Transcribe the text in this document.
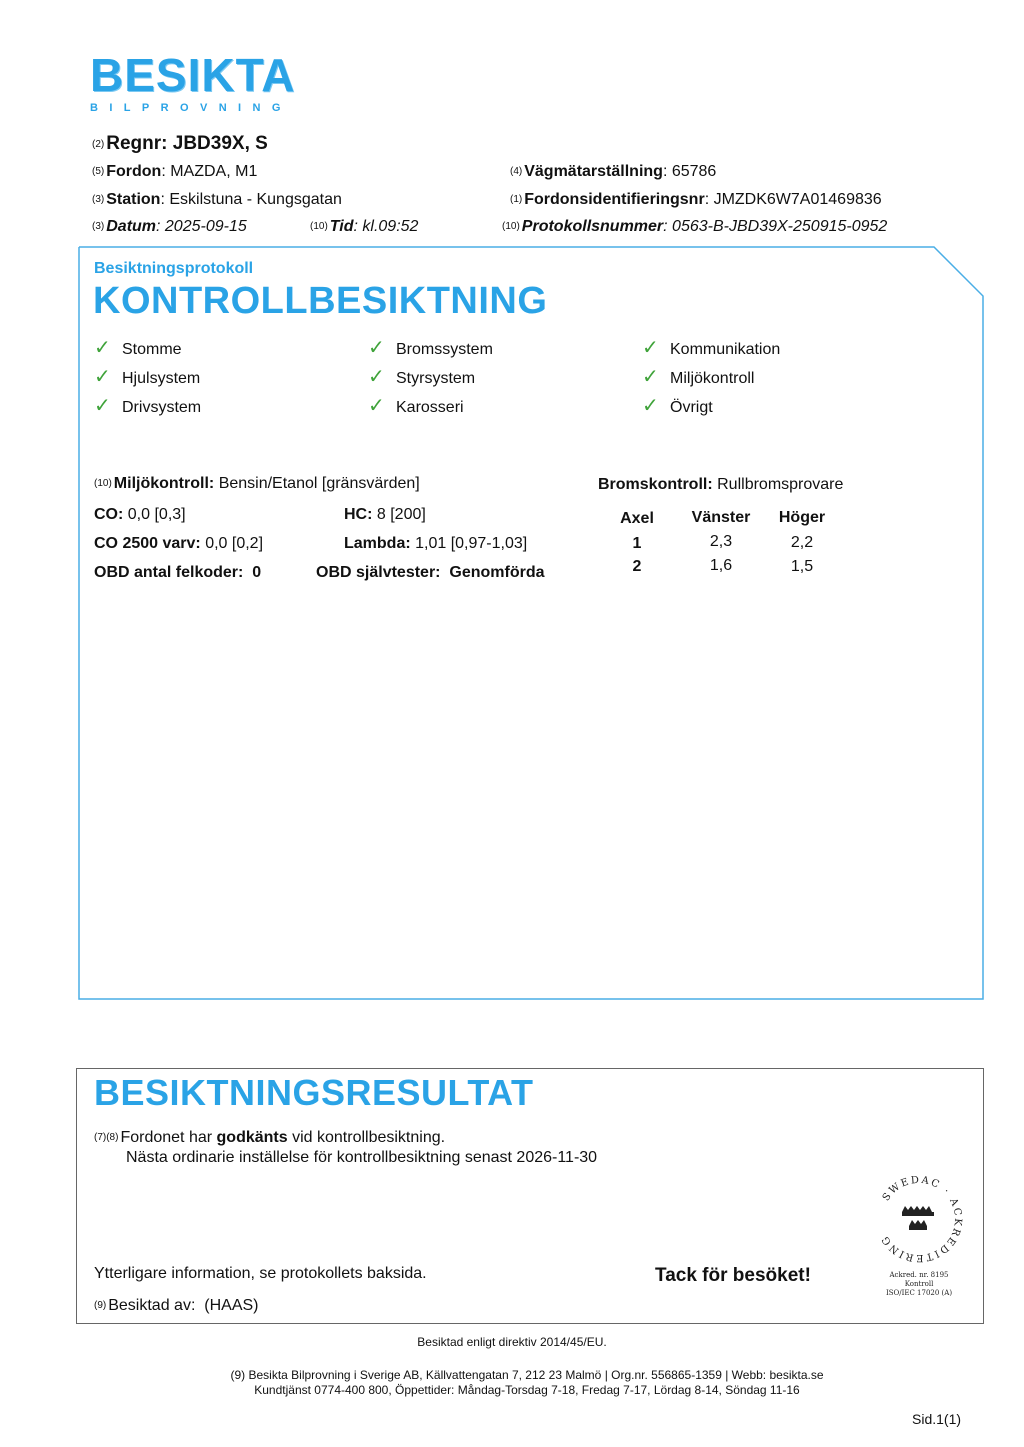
BESIKTA
BILPROVNING
$^{(2)}$ Regnr: JBD39X, S
$^{(5)}$ Fordon: MAZDA, M1
$^{(3)}$ Station: Eskilstuna - Kungsgatan
$^{(3)}$ Datum: 2025-09-15	$^{(10)}$ Tid: kl.09:52
$^{(4)}$ Vägmätarställning: 65786
$^{(1)}$ Fordonsidentifieringsnr: JMZDK6W7A01469836
$^{(10)}$ Protokollsnummer: 0563-B-JBD39X-250915-0952
Besiktningsprotokoll
KONTROLLBESIKTNING
✓ Stomme
✓ Hjulsystem
✓ Drivsystem
✓ Bromssystem
✓ Styrsystem
✓ Karosseri
✓ Kommunikation
✓ Miljökontroll
✓ Övrigt
$^{(10)}$ Miljökontroll: Bensin/Etanol [gränsvärden]
CO: 0,0 [0,3]	HC: 8 [200]
CO 2500 varv: 0,0 [0,2]	Lambda: 1,01 [0,97-1,03]
OBD antal felkoder:  0	OBD självtester:  Genomförda
Bromskontroll: Rullbromsprovare
Axel	Vänster	Höger
1	2,3	2,2
2	1,6	1,5
BESIKTNINGSRESULTAT
$^{(7)(8)}$ Fordonet har godkänts vid kontrollbesiktning.
Nästa ordinarie inställelse för kontrollbesiktning senast 2026-11-30
Ytterligare information, se protokollets baksida.	Tack för besöket!
$^{(9)}$ Besiktad av: (HAAS)
SWEDAC · ACKREDITERING
Ackred. nr. 8195
Kontroll
ISO/IEC 17020 (A)
Besiktad enligt direktiv 2014/45/EU.
(9) Besikta Bilprovning i Sverige AB, Källvattengatan 7, 212 23 Malmö | Org.nr. 556865-1359 | Webb: besikta.se
Kundtjänst 0774-400 800, Öppettider: Måndag-Torsdag 7-18, Fredag 7-17, Lördag 8-14, Söndag 11-16
Sid.1(1)
